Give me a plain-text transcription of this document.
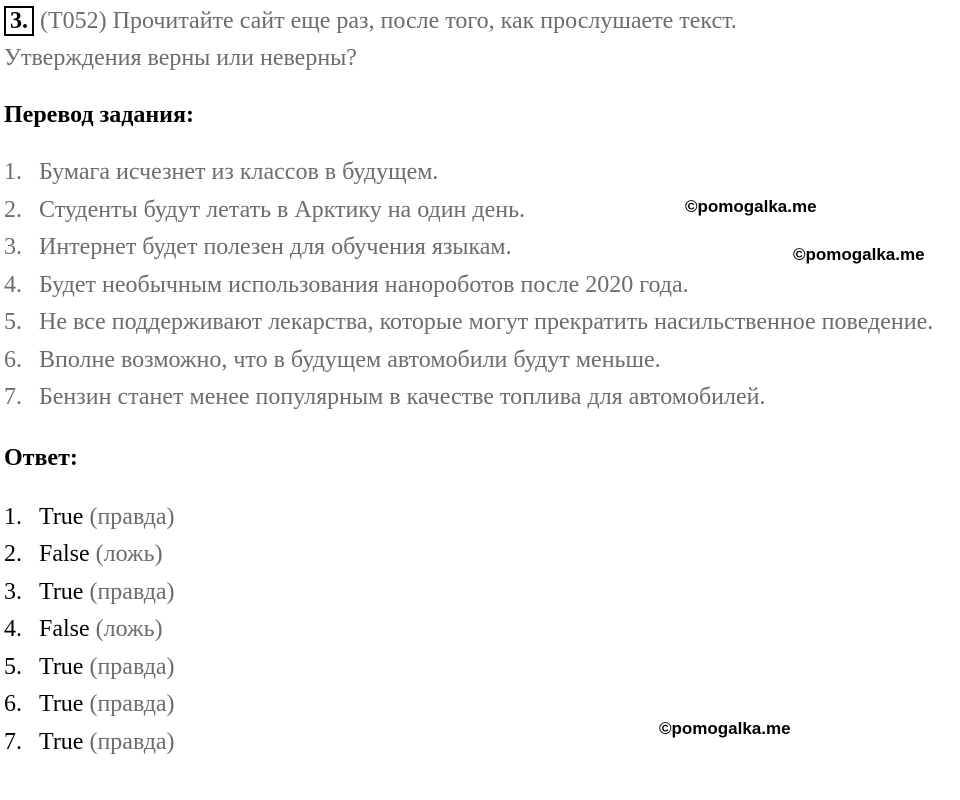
3. (T052) Прочитайте сайт еще раз, после того, как прослушаете текст.

Утверждения верны или неверны?

Перевод задания:

1. Бумага исчезнет из классов в будущем.
2. Студенты будут летать в Арктику на один день.
3. Интернет будет полезен для обучения языкам.
4. Будет необычным использования нанороботов после 2020 года.
5. Не все поддерживают лекарства, которые могут прекратить насильственное поведение.
6. Вполне возможно, что в будущем автомобили будут меньше.
7. Бензин станет менее популярным в качестве топлива для автомобилей.

Ответ:

1. True (правда)
2. False (ложь)
3. True (правда)
4. False (ложь)
5. True (правда)
6. True (правда)
7. True (правда)
©pomogalka.me
©pomogalka.me
©pomogalka.me
